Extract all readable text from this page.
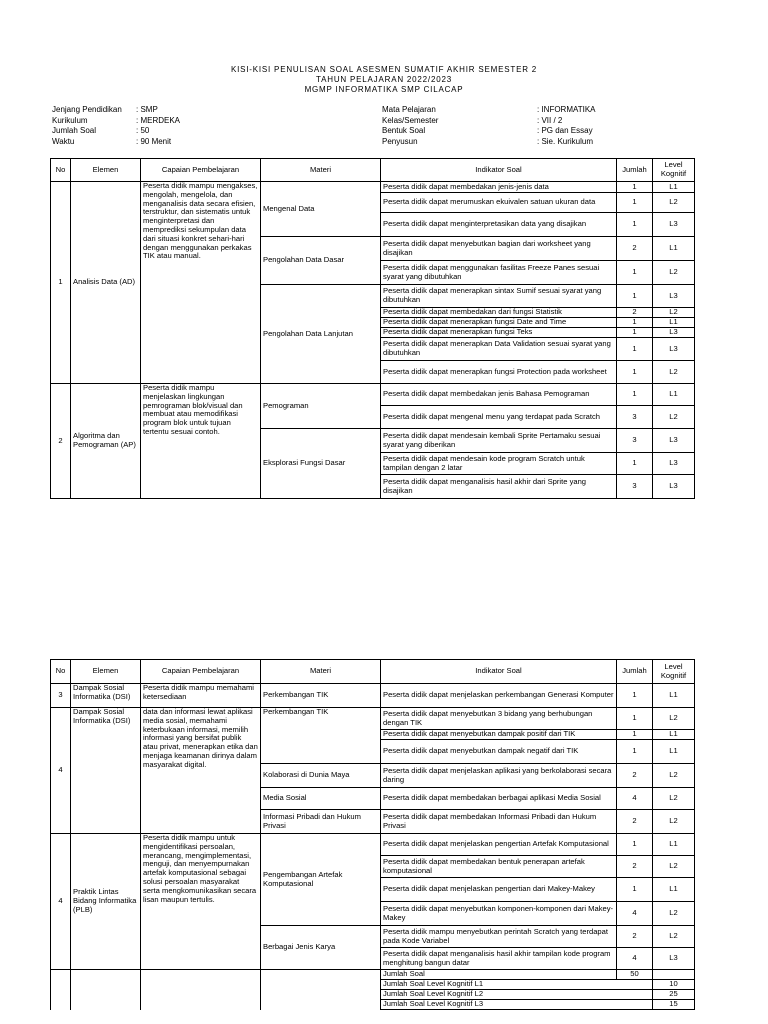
KISI-KISI PENULISAN SOAL ASESMEN SUMATIF AKHIR SEMESTER 2
TAHUN PELAJARAN 2022/2023
MGMP INFORMATIKA SMP CILACAP
Jenjang Pendidikan : SMP
Kurikulum	: MERDEKA
Jumlah Soal	: 50
Waktu	: 90 Menit
Mata Pelajaran	: INFORMATIKA
Kelas/Semester	: VII / 2
Bentuk Soal	: PG dan Essay
Penyusun	: Sie. Kurikulum
No	Elemen	Capaian Pembelajaran	Materi	Indikator Soal	Jumlah	Level Kognitif
1	Analisis Data (AD)	Peserta didik mampu mengakses, mengolah, mengelola, dan menganalisis data secara efisien, terstruktur, dan sistematis untuk menginterpretasi dan memprediksi sekumpulan data dari situasi konkret sehari-hari dengan menggunakan perkakas TIK atau manual.	Mengenal Data	Peserta didik dapat membedakan jenis-jenis data	1	L1
				Peserta didik dapat merumuskan ekuivalen satuan ukuran data	1	L2
				Peserta didik dapat menginterpretasikan data yang disajikan	1	L3
			Pengolahan Data Dasar	Peserta didik dapat menyebutkan bagian dari worksheet yang disajikan	2	L1
				Peserta didik dapat menggunakan fasilitas Freeze Panes sesuai syarat yang dibutuhkan	1	L2
			Pengolahan Data Lanjutan	Peserta didik dapat menerapkan sintax Sumif sesuai syarat yang dibutuhkan	1	L3
				Peserta didik dapat membedakan dari fungsi Statistik	2	L2
				Peserta didik dapat menerapkan fungsi Date and Time	1	L1
				Peserta didik dapat menerapkan fungsi Teks	1	L3
				Peserta didik dapat menerapkan Data Validation sesuai syarat yang dibutuhkan	1	L3
				Peserta didik dapat menerapkan fungsi Protection pada worksheet	1	L2
2	Algoritma dan Pemograman (AP)	Peserta didik mampu menjelaskan lingkungan pemrograman blok/visual dan membuat atau memodifikasi program blok untuk tujuan tertentu sesuai contoh.	Pemograman	Peserta didik dapat membedakan jenis Bahasa Pemograman	1	L1
				Peserta didik dapat mengenal menu yang terdapat pada Scratch	3	L2
			Eksplorasi Fungsi Dasar	Peserta didik dapat mendesain kembali Sprite Pertamaku sesuai syarat yang diberikan	3	L3
				Peserta didik dapat mendesain kode program Scratch untuk tampilan dengan 2 latar	1	L3
				Peserta didik dapat menganalisis hasil akhir dari Sprite yang disajikan	3	L3
No	Elemen	Capaian Pembelajaran	Materi	Indikator Soal	Jumlah	Level Kognitif
3	Dampak Sosial Informatika (DSI)	Peserta didik mampu memahami ketersediaan	Perkembangan TIK	Peserta didik dapat menjelaskan perkembangan Generasi Komputer	1	L1
4	Dampak Sosial Informatika (DSI)	data dan informasi lewat aplikasi media sosial, memahami keterbukaan informasi, memilih informasi yang bersifat publik atau privat, menerapkan etika dan menjaga keamanan dirinya dalam masyarakat digital.	Perkembangan TIK	Peserta didik dapat menyebutkan 3 bidang yang berhubungan dengan TIK	1	L2
				Peserta didik dapat menyebutkan dampak positif dari TIK	1	L1
				Peserta didik dapat menyebutkan dampak negatif dari TIK	1	L1
			Kolaborasi di Dunia Maya	Peserta didik dapat menjelaskan aplikasi yang berkolaborasi secara daring	2	L2
			Media Sosial	Peserta didik dapat membedakan berbagai aplikasi Media Sosial	4	L2
			Informasi Pribadi dan Hukum Privasi	Peserta didik dapat membedakan Informasi Pribadi dan Hukum Privasi	2	L2
4	Praktik Lintas Bidang Informatika (PLB)	Peserta didik mampu untuk mengidentifikasi persoalan, merancang, mengimplementasi, menguji, dan menyempurnakan artefak komputasional sebagai solusi persoalan masyarakat serta mengkomunikasikan secara lisan maupun tertulis.	Pengembangan Artefak Komputasional	Peserta didik dapat menjelaskan pengertian Artefak Komputasional	1	L1
				Peserta didik dapat membedakan bentuk penerapan artefak komputasional	2	L2
				Peserta didik dapat menjelaskan pengertian dari Makey-Makey	1	L1
				Peserta didik dapat menyebutkan komponen-komponen dari Makey-Makey	4	L2
			Berbagai Jenis Karya	Peserta didik mampu menyebutkan perintah Scratch yang terdapat pada Kode Variabel	2	L2
				Peserta didik dapat menganalisis hasil akhir tampilan kode program menghitung bangun datar	4	L3
				Jumlah Soal	50	
				Jumlah Soal Level Kognitif L1		10
				Jumlah Soal Level Kognitif L2		25
				Jumlah Soal Level Kognitif L3		15
